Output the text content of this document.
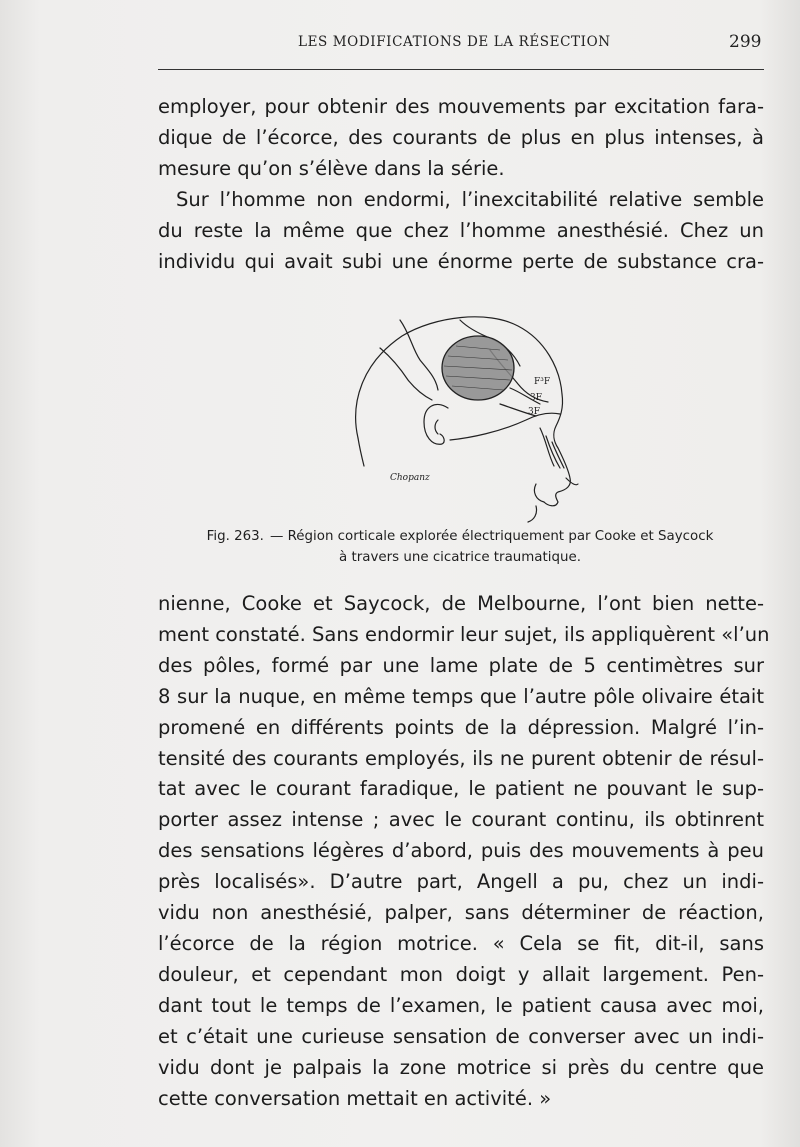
LES MODIFICATIONS DE LA RÉSECTION	299

employer, pour obtenir des mouvements par excitation fara-
dique de l’écorce, des courants de plus en plus intenses, à
mesure qu’on s’élève dans la série.

Sur l’homme non endormi, l’inexcitabilité relative semble
du reste la même que chez l’homme anesthésié. Chez un
individu qui avait subi une énorme perte de substance cra-

F³F
3F
3F
Chopanz
Fig. 263. — Région corticale explorée électriquement par Cooke et Saycock
à travers une cicatrice traumatique.

nienne, Cooke et Saycock, de Melbourne, l’ont bien nette-
ment constaté. Sans endormir leur sujet, ils appliquèrent «l’un
des pôles, formé par une lame plate de 5 centimètres sur
8 sur la nuque, en même temps que l’autre pôle olivaire était
promené en différents points de la dépression. Malgré l’in-
tensité des courants employés, ils ne purent obtenir de résul-
tat avec le courant faradique, le patient ne pouvant le sup-
porter assez intense ; avec le courant continu, ils obtinrent
des sensations légères d’abord, puis des mouvements à peu
près localisés». D’autre part, Angell a pu, chez un indi-
vidu non anesthésié, palper, sans déterminer de réaction,
l’écorce de la région motrice. « Cela se fit, dit-il, sans
douleur, et cependant mon doigt y allait largement. Pen-
dant tout le temps de l’examen, le patient causa avec moi,
et c’était une curieuse sensation de converser avec un indi-
vidu dont je palpais la zone motrice si près du centre que
cette conversation mettait en activité. »
